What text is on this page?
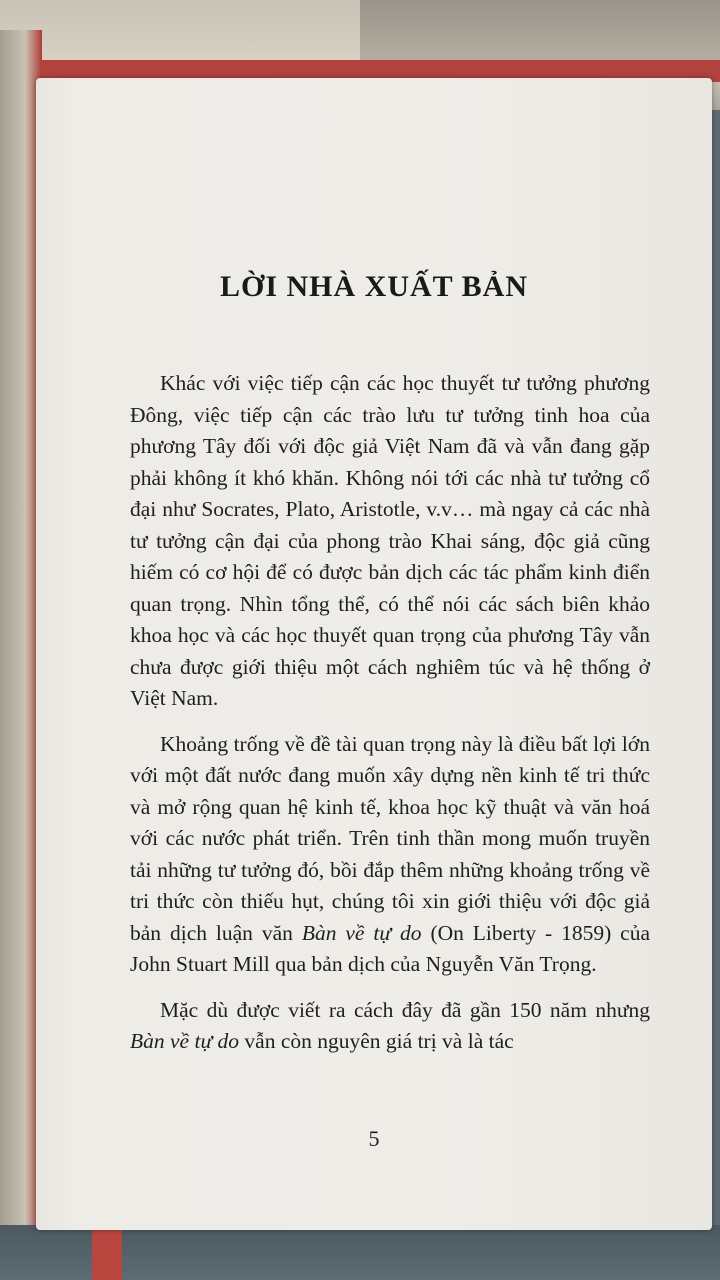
LỜI NHÀ XUẤT BẢN

Khác với việc tiếp cận các học thuyết tư tưởng phương Đông, việc tiếp cận các trào lưu tư tưởng tinh hoa của phương Tây đối với độc giả Việt Nam đã và vẫn đang gặp phải không ít khó khăn. Không nói tới các nhà tư tưởng cổ đại như Socrates, Plato, Aristotle, v.v… mà ngay cả các nhà tư tưởng cận đại của phong trào Khai sáng, độc giả cũng hiếm có cơ hội để có được bản dịch các tác phẩm kinh điển quan trọng. Nhìn tổng thể, có thể nói các sách biên khảo khoa học và các học thuyết quan trọng của phương Tây vẫn chưa được giới thiệu một cách nghiêm túc và hệ thống ở Việt Nam.

Khoảng trống về đề tài quan trọng này là điều bất lợi lớn với một đất nước đang muốn xây dựng nền kinh tế tri thức và mở rộng quan hệ kinh tế, khoa học kỹ thuật và văn hoá với các nước phát triển. Trên tinh thần mong muốn truyền tải những tư tưởng đó, bồi đắp thêm những khoảng trống về tri thức còn thiếu hụt, chúng tôi xin giới thiệu với độc giả bản dịch luận văn Bàn về tự do (On Liberty - 1859) của John Stuart Mill qua bản dịch của Nguyễn Văn Trọng.

Mặc dù được viết ra cách đây đã gần 150 năm nhưng Bàn về tự do vẫn còn nguyên giá trị và là tác

5
